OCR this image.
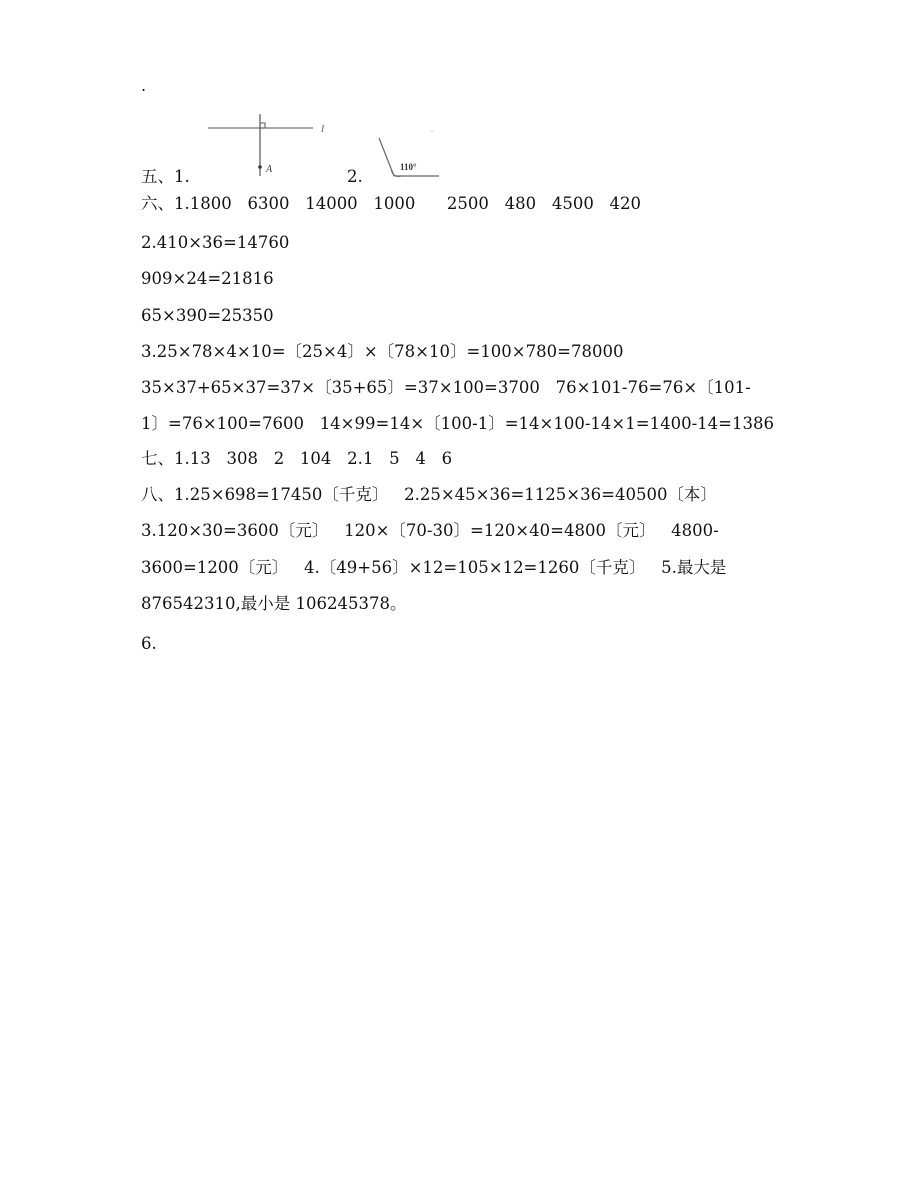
.
l
A	110°
五、1.	2.
六、1.1800   6300   14000   1000      2500   480   4500   420
2.410×36=14760
909×24=21816
65×390=25350
3.25×78×4×10=〔25×4〕×〔78×10〕=100×780=78000
35×37+65×37=37×〔35+65〕=37×100=3700   76×101-76=76×〔101-
1〕=76×100=7600   14×99=14×〔100-1〕=14×100-14×1=1400-14=1386
七、1.13   308   2   104   2.1   5   4   6
八、1.25×698=17450〔千克〕   2.25×45×36=1125×36=40500〔本〕
3.120×30=3600〔元〕   120×〔70-30〕=120×40=4800〔元〕   4800-
3600=1200〔元〕   4.〔49+56〕×12=105×12=1260〔千克〕   5.最大是
876542310,最小是 106245378。
6.
